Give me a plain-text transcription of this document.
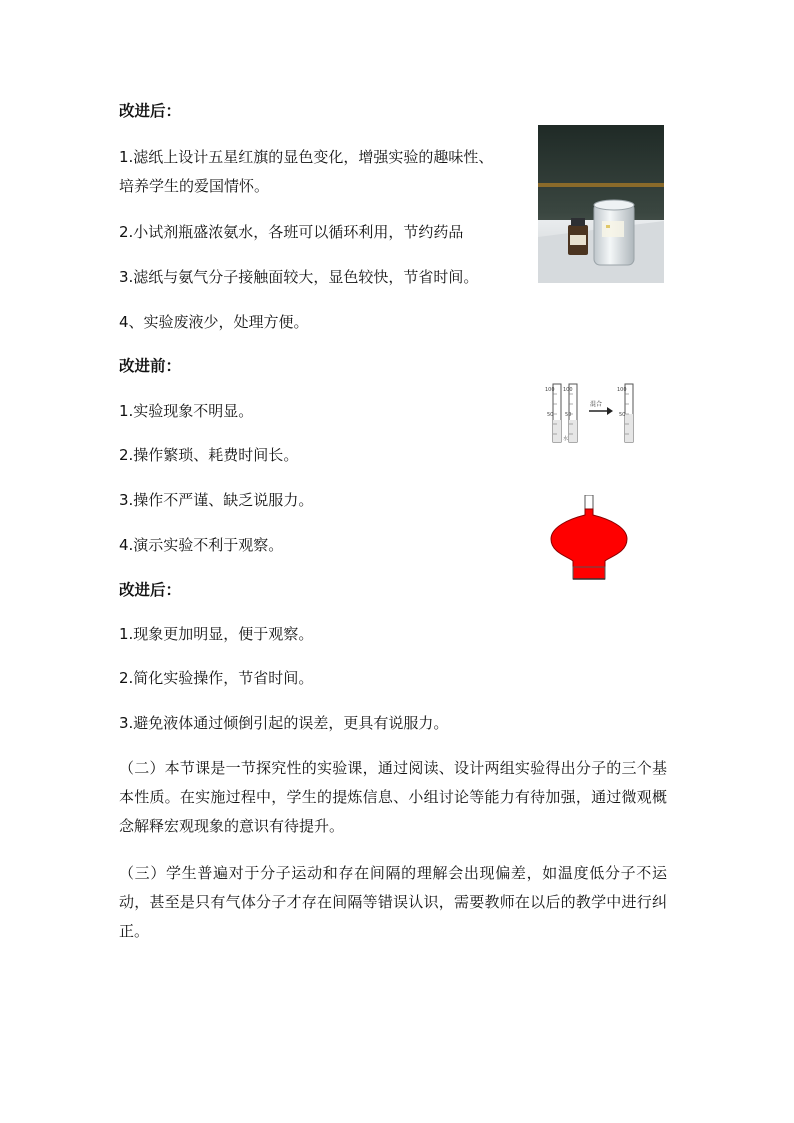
改进后：
1.滤纸上设计五星红旗的显色变化，增强实验的趣味性、
培养学生的爱国情怀。
2.小试剂瓶盛浓氨水，各班可以循环利用，节约药品
3.滤纸与氨气分子接触面较大，显色较快，节省时间。
4、实验废液少，处理方便。
改进前：
1.实验现象不明显。
2.操作繁琐、耗费时间长。
3.操作不严谨、缺乏说服力。
4.演示实验不利于观察。
改进后：
1.现象更加明显，便于观察。
2.简化实验操作，节省时间。
3.避免液体通过倾倒引起的误差，更具有说服力。
（二）本节课是一节探究性的实验课，通过阅读、设计两组实验得出分子的三个基本性质。在实施过程中，学生的提炼信息、小组讨论等能力有待加强，通过微观概念解释宏观现象的意识有待提升。
（三）学生普遍对于分子运动和存在间隔的理解会出现偏差，如温度低分子不运动，甚至是只有气体分子才存在间隔等错误认识，需要教师在以后的教学中进行纠正。
100
50
100
50
水
混合
100
50
